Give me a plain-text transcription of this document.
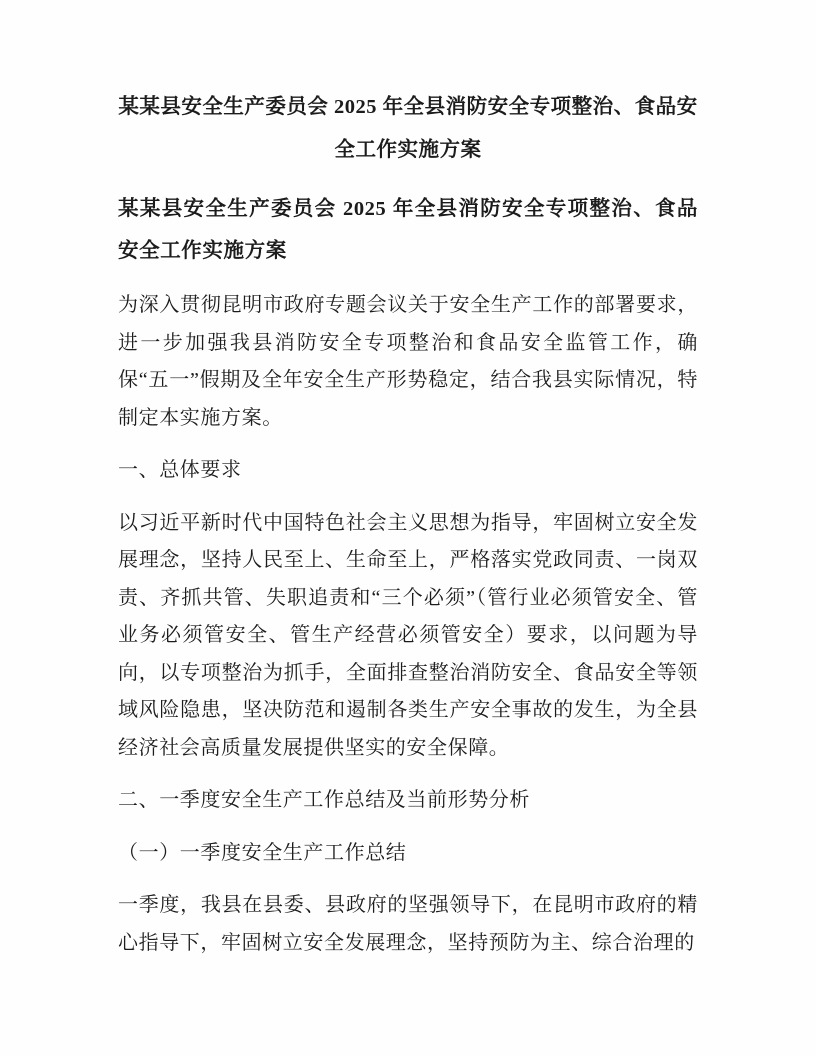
某某县安全生产委员会 2025 年全县消防安全专项整治、食品安全工作实施方案
某某县安全生产委员会 2025 年全县消防安全专项整治、食品安全工作实施方案
为深入贯彻昆明市政府专题会议关于安全生产工作的部署要求，进一步加强我县消防安全专项整治和食品安全监管工作，确保“五一”假期及全年安全生产形势稳定，结合我县实际情况，特制定本实施方案。
一、总体要求
以习近平新时代中国特色社会主义思想为指导，牢固树立安全发展理念，坚持人民至上、生命至上，严格落实党政同责、一岗双责、齐抓共管、失职追责和“三个必须”（管行业必须管安全、管业务必须管安全、管生产经营必须管安全）要求，以问题为导向，以专项整治为抓手，全面排查整治消防安全、食品安全等领域风险隐患，坚决防范和遏制各类生产安全事故的发生，为全县经济社会高质量发展提供坚实的安全保障。
二、一季度安全生产工作总结及当前形势分析
（一）一季度安全生产工作总结
一季度，我县在县委、县政府的坚强领导下，在昆明市政府的精心指导下，牢固树立安全发展理念，坚持预防为主、综合治理的
